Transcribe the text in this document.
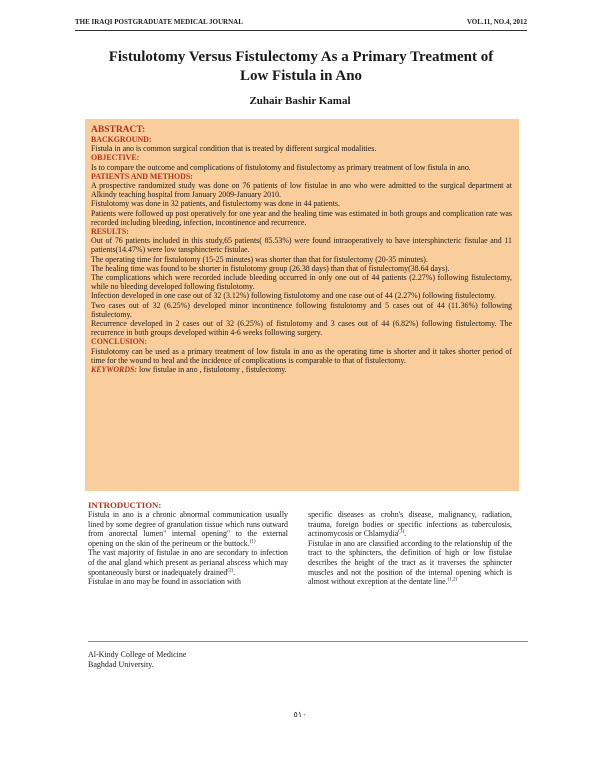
THE IRAQI POSTGRADUATE MEDICAL JOURNAL	VOL.11, NO.4, 2012
Fistulotomy Versus Fistulectomy As a Primary Treatment of
Low Fistula in Ano
Zuhair Bashir Kamal
ABSTRACT:
BACKGROUND:

Fistula in ano is common surgical condition that is treated by different surgical modalities.

OBJECTIVE:

Is to compare the outcome and complications of fistulotomy and fistulectomy as primary treatment of low fistula in ano.

PATIENTS AND METHODS:

A prospective randomized study was done on 76 patients of low fistulae in ano who were admitted to the surgical department at Alkindy teaching hospital from January 2009-January 2010.

Fistulotomy was done in 32 patients, and fistulectomy was done in 44 patients.

Patients were followed up post operatively for one year and the healing time was estimated in both groups and complication rate was recorded including bleeding, infection, incontinence and recurrence.

RESULTS:

Out of 76 patients included in this study,65 patients( 85.53%) were found intraoperatively to have intersphincteric fistulae and 11 patients(14.47%) were low tansphincteric fistulae.

The operating time for fistulotomy (15-25 minutes) was shorter than that for fistulectomy (20-35 minutes).

The healing time was found to be shorter in fistulotomy group (26.38 days) than that of fistulectomy(38.64 days).

The complications which were recorded include bleeding occurred in only one out of 44 patients (2.27%) following fistulectomy, while no bleeding developed following fistulotomy.

Infection developed in one case out of 32 (3.12%) following fistulotomy and one case out of 44 (2.27%) following fistulectomy.

Two cases out of 32 (6.25%) developed minor incontinence following fistulotomy and 5 cases out of 44 (11.36%) following fistulectomy.

Recurrence developed in 2 cases out of 32 (6.25%) of fistulotomy and 3 cases out of 44 (6.82%) following fistulectomy. The recurrence in both groups developed within 4-6 weeks following surgery.

CONCLUSION:

Fistulotomy can be used as a primary treatment of low fistula in ano as the operating time is shorter and it takes shorter period of time for the wound to heal and the incidence of complications is comparable to that of fistulectomy.

KEYWORDS: low fistulae in ano , fistulotomy , fistulectomy.

INTRODUCTION:

Fistula in ano is a chronic abnormal communication usually lined by some degree of granulation tissue which runs outward from anorectal lumen" internal opening" to the external opening on the skin of the perineum or the buttock.$^{(1)}$

The vast majority of fistulae in ano are secondary to infection of the anal gland which present as perianal abscess which may spontaneously burst or inadequately drained$^{(2)}$.

Fistulae in ano may be found in association with

specific diseases as crohn's disease, malignancy, radiation, trauma, foreign bodies or specific infections as tuberculosis, actinomycosis or Chlamydia$^{(3)}$.

Fistulae in ano are classified according to the relationship of the tract to the sphincters, the definition of high or low fistulae describes the height of the tract as it traverses the sphincter muscles and not the position of the internal opening which is almost without exception at the dentate line.$^{(1,2)}$

Al-Kindy College of Medicine
Baghdad University.
٥١٠
